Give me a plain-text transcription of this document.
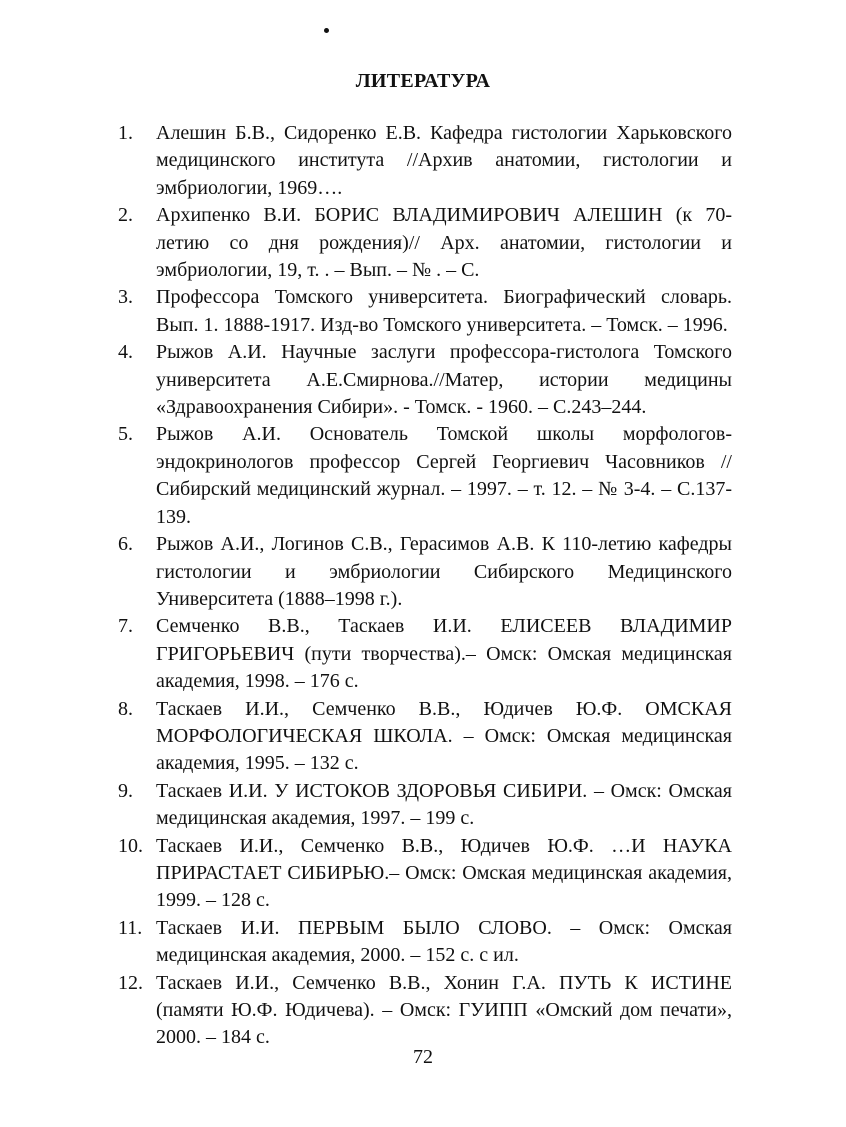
ЛИТЕРАТУРА
1. Алешин Б.В., Сидоренко Е.В. Кафедра гистологии Харьковского медицинского института //Архив анатомии, гистологии и эмбриологии, 1969….
2. Архипенко В.И. БОРИС ВЛАДИМИРОВИЧ АЛЕШИН (к 70-летию со дня рождения)// Арх. анатомии, гистологии и эмбриологии, 19, т. . – Вып. – № . – С.
3. Профессора Томского университета. Биографический словарь. Вып. 1. 1888-1917. Изд-во Томского университета. – Томск. – 1996.
4. Рыжов А.И. Научные заслуги профессора-гистолога Томского университета А.Е.Смирнова.//Матер, истории медицины «Здравоохранения Сибири». - Томск. - 1960. – С.243–244.
5. Рыжов А.И. Основатель Томской школы морфологов-эндокринологов профессор Сергей Георгиевич Часовников //Сибирский медицинский журнал. – 1997. – т. 12. – № 3-4. – С.137-139.
6. Рыжов А.И., Логинов С.В., Герасимов А.В. К 110-летию кафедры гистологии и эмбриологии Сибирского Медицинского Университета (1888–1998 г.).
7. Семченко В.В., Таскаев И.И. ЕЛИСЕЕВ ВЛАДИМИР ГРИГОРЬЕВИЧ (пути творчества).– Омск: Омская медицинская академия, 1998. – 176 с.
8. Таскаев И.И., Семченко В.В., Юдичев Ю.Ф. ОМСКАЯ МОРФОЛОГИЧЕСКАЯ ШКОЛА. – Омск: Омская медицинская академия, 1995. – 132 с.
9. Таскаев И.И. У ИСТОКОВ ЗДОРОВЬЯ СИБИРИ. – Омск: Омская медицинская академия, 1997. – 199 с.
10. Таскаев И.И., Семченко В.В., Юдичев Ю.Ф. …И НАУКА ПРИРАСТАЕТ СИБИРЬЮ.– Омск: Омская медицинская академия, 1999. – 128 с.
11. Таскаев И.И. ПЕРВЫМ БЫЛО СЛОВО. – Омск: Омская медицинская академия, 2000. – 152 с. с ил.
12. Таскаев И.И., Семченко В.В., Хонин Г.А. ПУТЬ К ИСТИНЕ (памяти Ю.Ф. Юдичева). – Омск: ГУИПП «Омский дом печати», 2000. – 184 с.
72
